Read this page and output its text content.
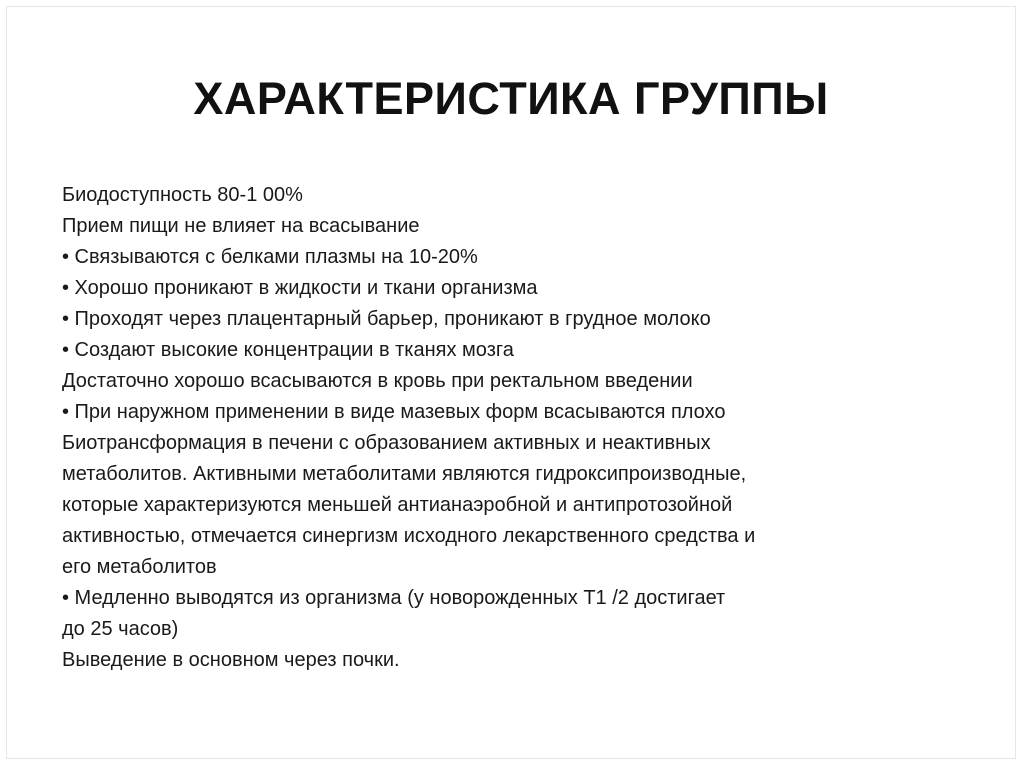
ХАРАКТЕРИСТИКА ГРУППЫ
Биодоступность 80-1 00%
Прием пищи не влияет на всасывание
• Связываются с белками плазмы на 10-20%
• Хорошо проникают в жидкости и ткани организма
• Проходят через плацентарный барьер, проникают в грудное молоко
• Создают высокие концентрации в тканях мозга
Достаточно хорошо всасываются в кровь при ректальном введении
• При наружном применении в виде мазевых форм всасываются плохо
Биотрансформация в печени с образованием активных и неактивных
метаболитов. Активными метаболитами являются гидроксипроизводные,
которые характеризуются меньшей антианаэробной и антипротозойной
активностью, отмечается синергизм исходного лекарственного средства и
его метаболитов
• Медленно выводятся из организма (у новорожденных Т1 /2 достигает
до 25 часов)
Выведение в основном через почки.
